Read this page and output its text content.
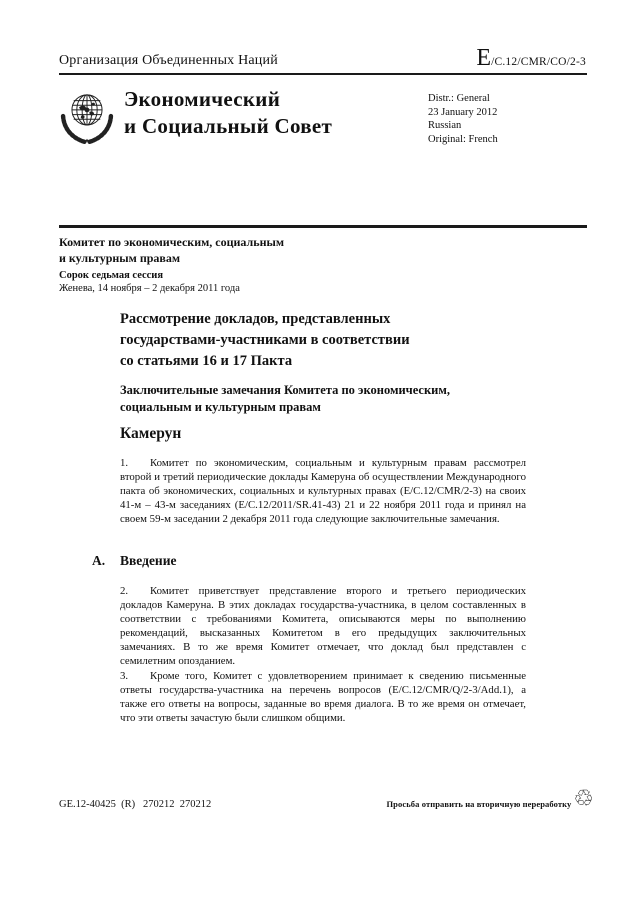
Организация Объединенных Наций	E /C.12/CMR/CO/2-3
Экономический
и Социальный Совет
Distr.: General
23 January 2012
Russian
Original: French
Комитет по экономическим, социальным
и культурным правам
Сорок седьмая сессия
Женева, 14 ноября – 2 декабря 2011 года
Рассмотрение докладов, представленных
государствами-участниками в соответствии
со статьями 16 и 17 Пакта
Заключительные замечания Комитета по экономическим,
социальным и культурным правам
Камерун
1. Комитет по экономическим, социальным и культурным правам рассмотрел второй и третий периодические доклады Камеруна об осуществлении Международного пакта об экономических, социальных и культурных правах (E/C.12/CMR/2-3) на своих 41-м – 43-м заседаниях (E/C.12/2011/SR.41-43) 21 и 22 ноября 2011 года и принял на своем 59-м заседании 2 декабря 2011 года следующие заключительные замечания.
A. Введение
2. Комитет приветствует представление второго и третьего периодических докладов Камеруна. В этих докладах государства-участника, в целом составленных в соответствии с требованиями Комитета, описываются меры по выполнению рекомендаций, высказанных Комитетом в его предыдущих заключительных замечаниях. В то же время Комитет отмечает, что доклад был представлен с семилетним опозданием.
3. Кроме того, Комитет с удовлетворением принимает к сведению письменные ответы государства-участника на перечень вопросов (E/C.12/CMR/Q/2-3/Add.1), а также его ответы на вопросы, заданные во время диалога. В то же время он отмечает, что эти ответы зачастую были слишком общими.
GE.12-40425  (R)   270212  270212	Просьба отправить на вторичную переработку ♲
